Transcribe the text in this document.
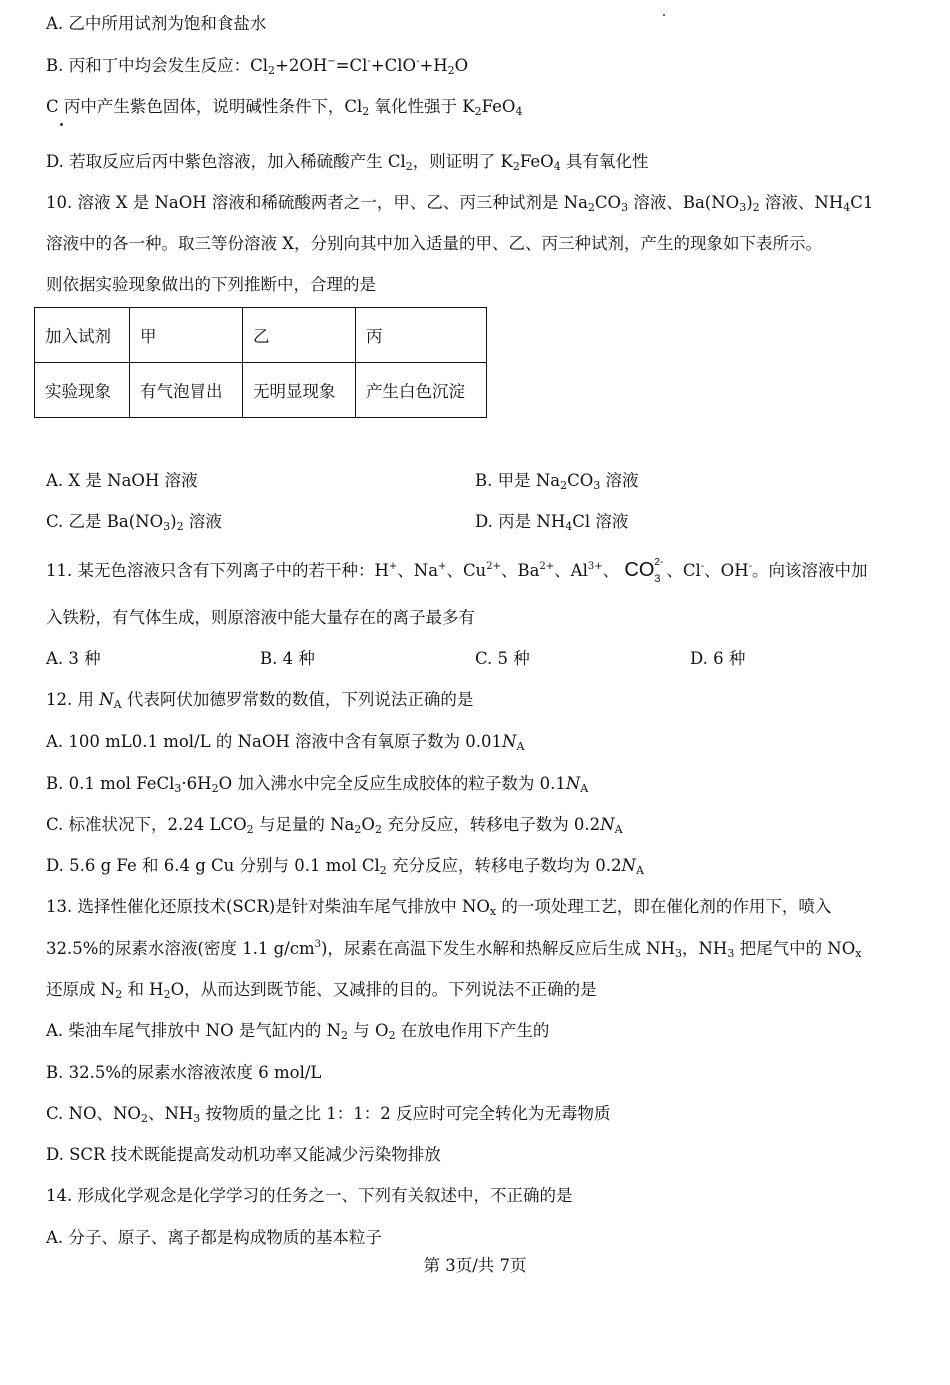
A. 乙中所用试剂为饱和食盐水
B. 丙和丁中均会发生反应：$Cl_2+2OH^-=Cl^-+ClO^-+H_2O$
C 丙中产生紫色固体，说明碱性条件下，$Cl_2$ 氧化性强于 $K_2FeO_4$
D. 若取反应后丙中紫色溶液，加入稀硫酸产生 $Cl_2$，则证明了 $K_2FeO_4$ 具有氧化性
10. 溶液 X 是 NaOH 溶液和稀硫酸两者之一，甲、乙、丙三种试剂是 $Na_2CO_3$ 溶液、$Ba(NO_3)_2$ 溶液、$NH_4C1$
溶液中的各一种。取三等份溶液 X，分别向其中加入适量的甲、乙、丙三种试剂，产生的现象如下表所示。
则依据实验现象做出的下列推断中，合理的是
加入试剂	甲	乙	丙
实验现象	有气泡冒出	无明显现象	产生白色沉淀
A. X 是 NaOH 溶液	B. 甲是 $Na_2CO_3$ 溶液
C. 乙是 $Ba(NO_3)_2$ 溶液	D. 丙是 $NH_4Cl$ 溶液
11. 某无色溶液只含有下列离子中的若干种：H+、Na+、$Cu^{2+}$、$Ba^{2+}$、$Al^{3+}$、 CO 2-
3 、Cl-、OH-。向该溶液中加
入铁粉，有气体生成，则原溶液中能大量存在的离子最多有
A. 3 种	B. 4 种	C. 5 种	D. 6 种
12. 用 $N_A$ 代表阿伏加德罗常数的数值，下列说法正确的是
A. 100 mL0.1 mol/L 的 NaOH 溶液中含有氧原子数为 $0.01N_A$
B. 0.1 mol $FeCl_3\cdot 6H_2O$ 加入沸水中完全反应生成胶体的粒子数为 $0.1N_A$
C. 标准状况下，2.24 $LCO_2$ 与足量的 $Na_2O_2$ 充分反应，转移电子数为 $0.2N_A$
D. 5.6 g Fe 和 6.4 g Cu 分别与 0.1 mol $Cl_2$ 充分反应，转移电子数均为 $0.2N_A$
13. 选择性催化还原技术(SCR)是针对柴油车尾气排放中 $NO_x$ 的一项处理工艺，即在催化剂的作用下，喷入
32.5%的尿素水溶液(密度 1.1 $g/cm^3$)，尿素在高温下发生水解和热解反应后生成 $NH_3$，$NH_3$ 把尾气中的 $NO_x$
还原成 $N_2$ 和 $H_2O$，从而达到既节能、又减排的目的。下列说法不正确的是
A. 柴油车尾气排放中 NO 是气缸内的 $N_2$ 与 $O_2$ 在放电作用下产生的
B. 32.5%的尿素水溶液浓度 6 mol/L
C. NO、$NO_2$、$NH_3$ 按物质的量之比 1：1：2 反应时可完全转化为无毒物质
D. SCR 技术既能提高发动机功率又能减少污染物排放
14. 形成化学观念是化学学习的任务之一、下列有关叙述中，不正确的是
A. 分子、原子、离子都是构成物质的基本粒子
第 3页/共 7页
